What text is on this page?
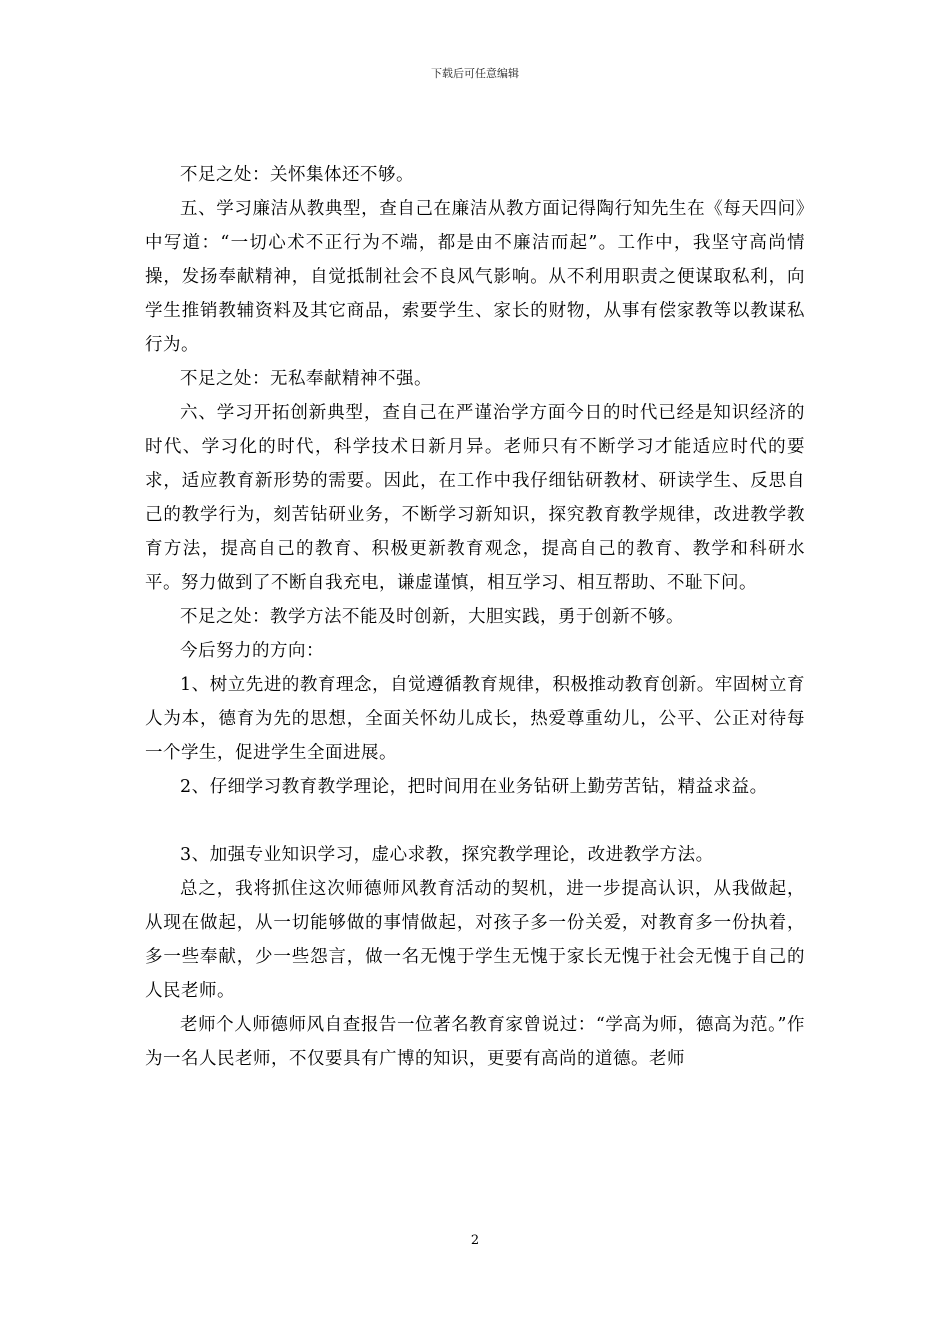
下载后可任意编辑

不足之处：关怀集体还不够。

五、学习廉洁从教典型，查自己在廉洁从教方面记得陶行知先生在《每天四问》中写道：“一切心术不正行为不端，都是由不廉洁而起”。工作中，我坚守高尚情操，发扬奉献精神，自觉抵制社会不良风气影响。从不利用职责之便谋取私利，向学生推销教辅资料及其它商品，索要学生、家长的财物，从事有偿家教等以教谋私行为。

不足之处：无私奉献精神不强。

六、学习开拓创新典型，查自己在严谨治学方面今日的时代已经是知识经济的时代、学习化的时代，科学技术日新月异。老师只有不断学习才能适应时代的要求，适应教育新形势的需要。因此，在工作中我仔细钻研教材、研读学生、反思自己的教学行为，刻苦钻研业务，不断学习新知识，探究教育教学规律，改进教学教育方法，提高自己的教育、积极更新教育观念，提高自己的教育、教学和科研水平。努力做到了不断自我充电，谦虚谨慎，相互学习、相互帮助、不耻下问。

不足之处：教学方法不能及时创新，大胆实践，勇于创新不够。

今后努力的方向：

1、树立先进的教育理念，自觉遵循教育规律，积极推动教育创新。牢固树立育人为本，德育为先的思想，全面关怀幼儿成长，热爱尊重幼儿，公平、公正对待每一个学生，促进学生全面进展。

2、仔细学习教育教学理论，把时间用在业务钻研上勤劳苦钻，精益求益。

3、加强专业知识学习，虚心求教，探究教学理论，改进教学方法。

总之，我将抓住这次师德师风教育活动的契机，进一步提高认识，从我做起，从现在做起，从一切能够做的事情做起，对孩子多一份关爱，对教育多一份执着，多一些奉献，少一些怨言，做一名无愧于学生无愧于家长无愧于社会无愧于自己的人民老师。

老师个人师德师风自查报告一位著名教育家曾说过：“学高为师，德高为范。”作为一名人民老师，不仅要具有广博的知识，更要有高尚的道德。老师

2
